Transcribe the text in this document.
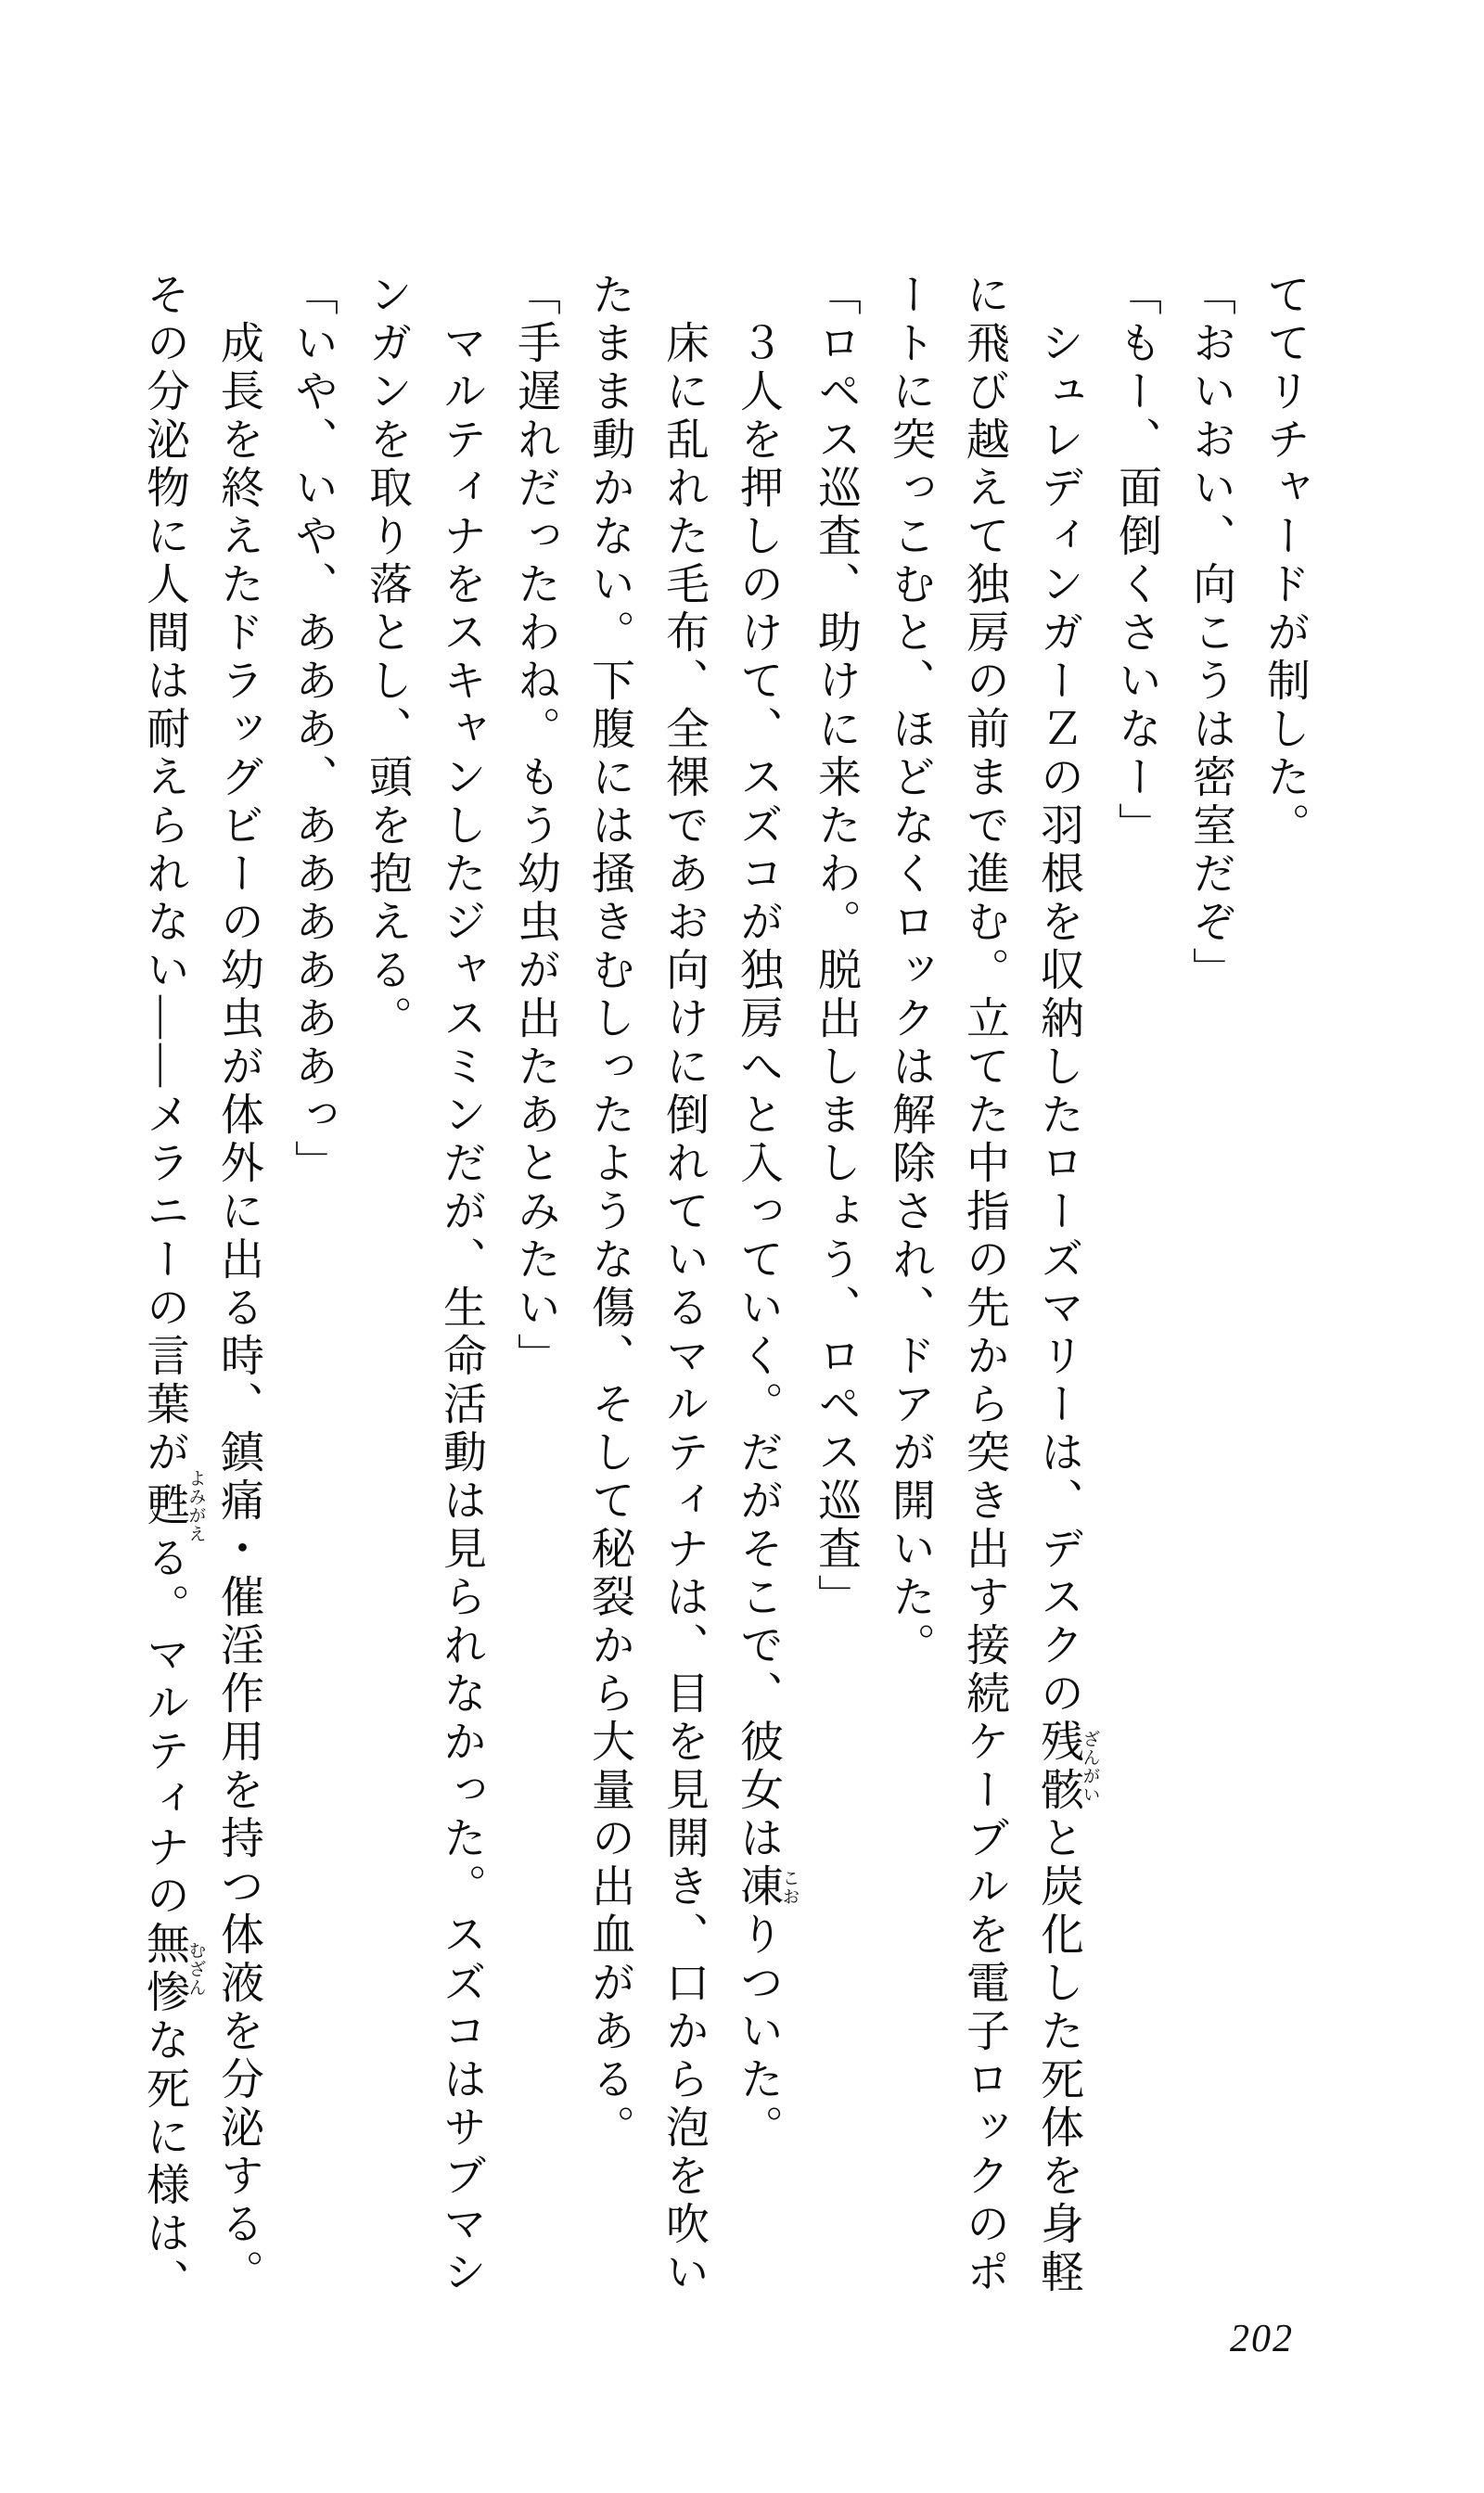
ててリチャードが制した。

「おいおい、向こうは密室だぞ」

「もー、面倒くさいなー」

シュレディンガーＺの羽根を収納したローズマリーは、デスクの残骸ざんがいと炭化した死体を身軽に飛び越えて独房の前まで進む。立てた中指の先から突き出す接続ケーブルを電子ロックのポートに突っこむと、ほどなくロックは解除され、ドアが開いた。

「ロペス巡査、助けに来たわ。脱出しましょう、ロペス巡査」

３人を押しのけて、スズコが独房へと入っていく。だがそこで、彼女は凍こおりついた。

床に乱れた毛布、全裸であお向けに倒れているマルティナは、目を見開き、口から泡を吹いたまま動かない。下腹には掻きむしったような傷、そして秘裂から大量の出血がある。

「手遅れだったわね。もう幼虫が出たあとみたい」

マルティナをスキャンしたジャスミンだが、生命活動は見られなかった。スズコはサブマシンガンを取り落とし、頭を抱える。

「いや、いや、あああ、ああああああっ」

成長を終えたドラッグビーの幼虫が体外に出る時、鎮痛・催淫作用を持つ体液を分泌する。その分泌物に人間は耐えられない——メラニーの言葉が甦よみがえる。マルティナの無惨むざんな死に様は、

202
